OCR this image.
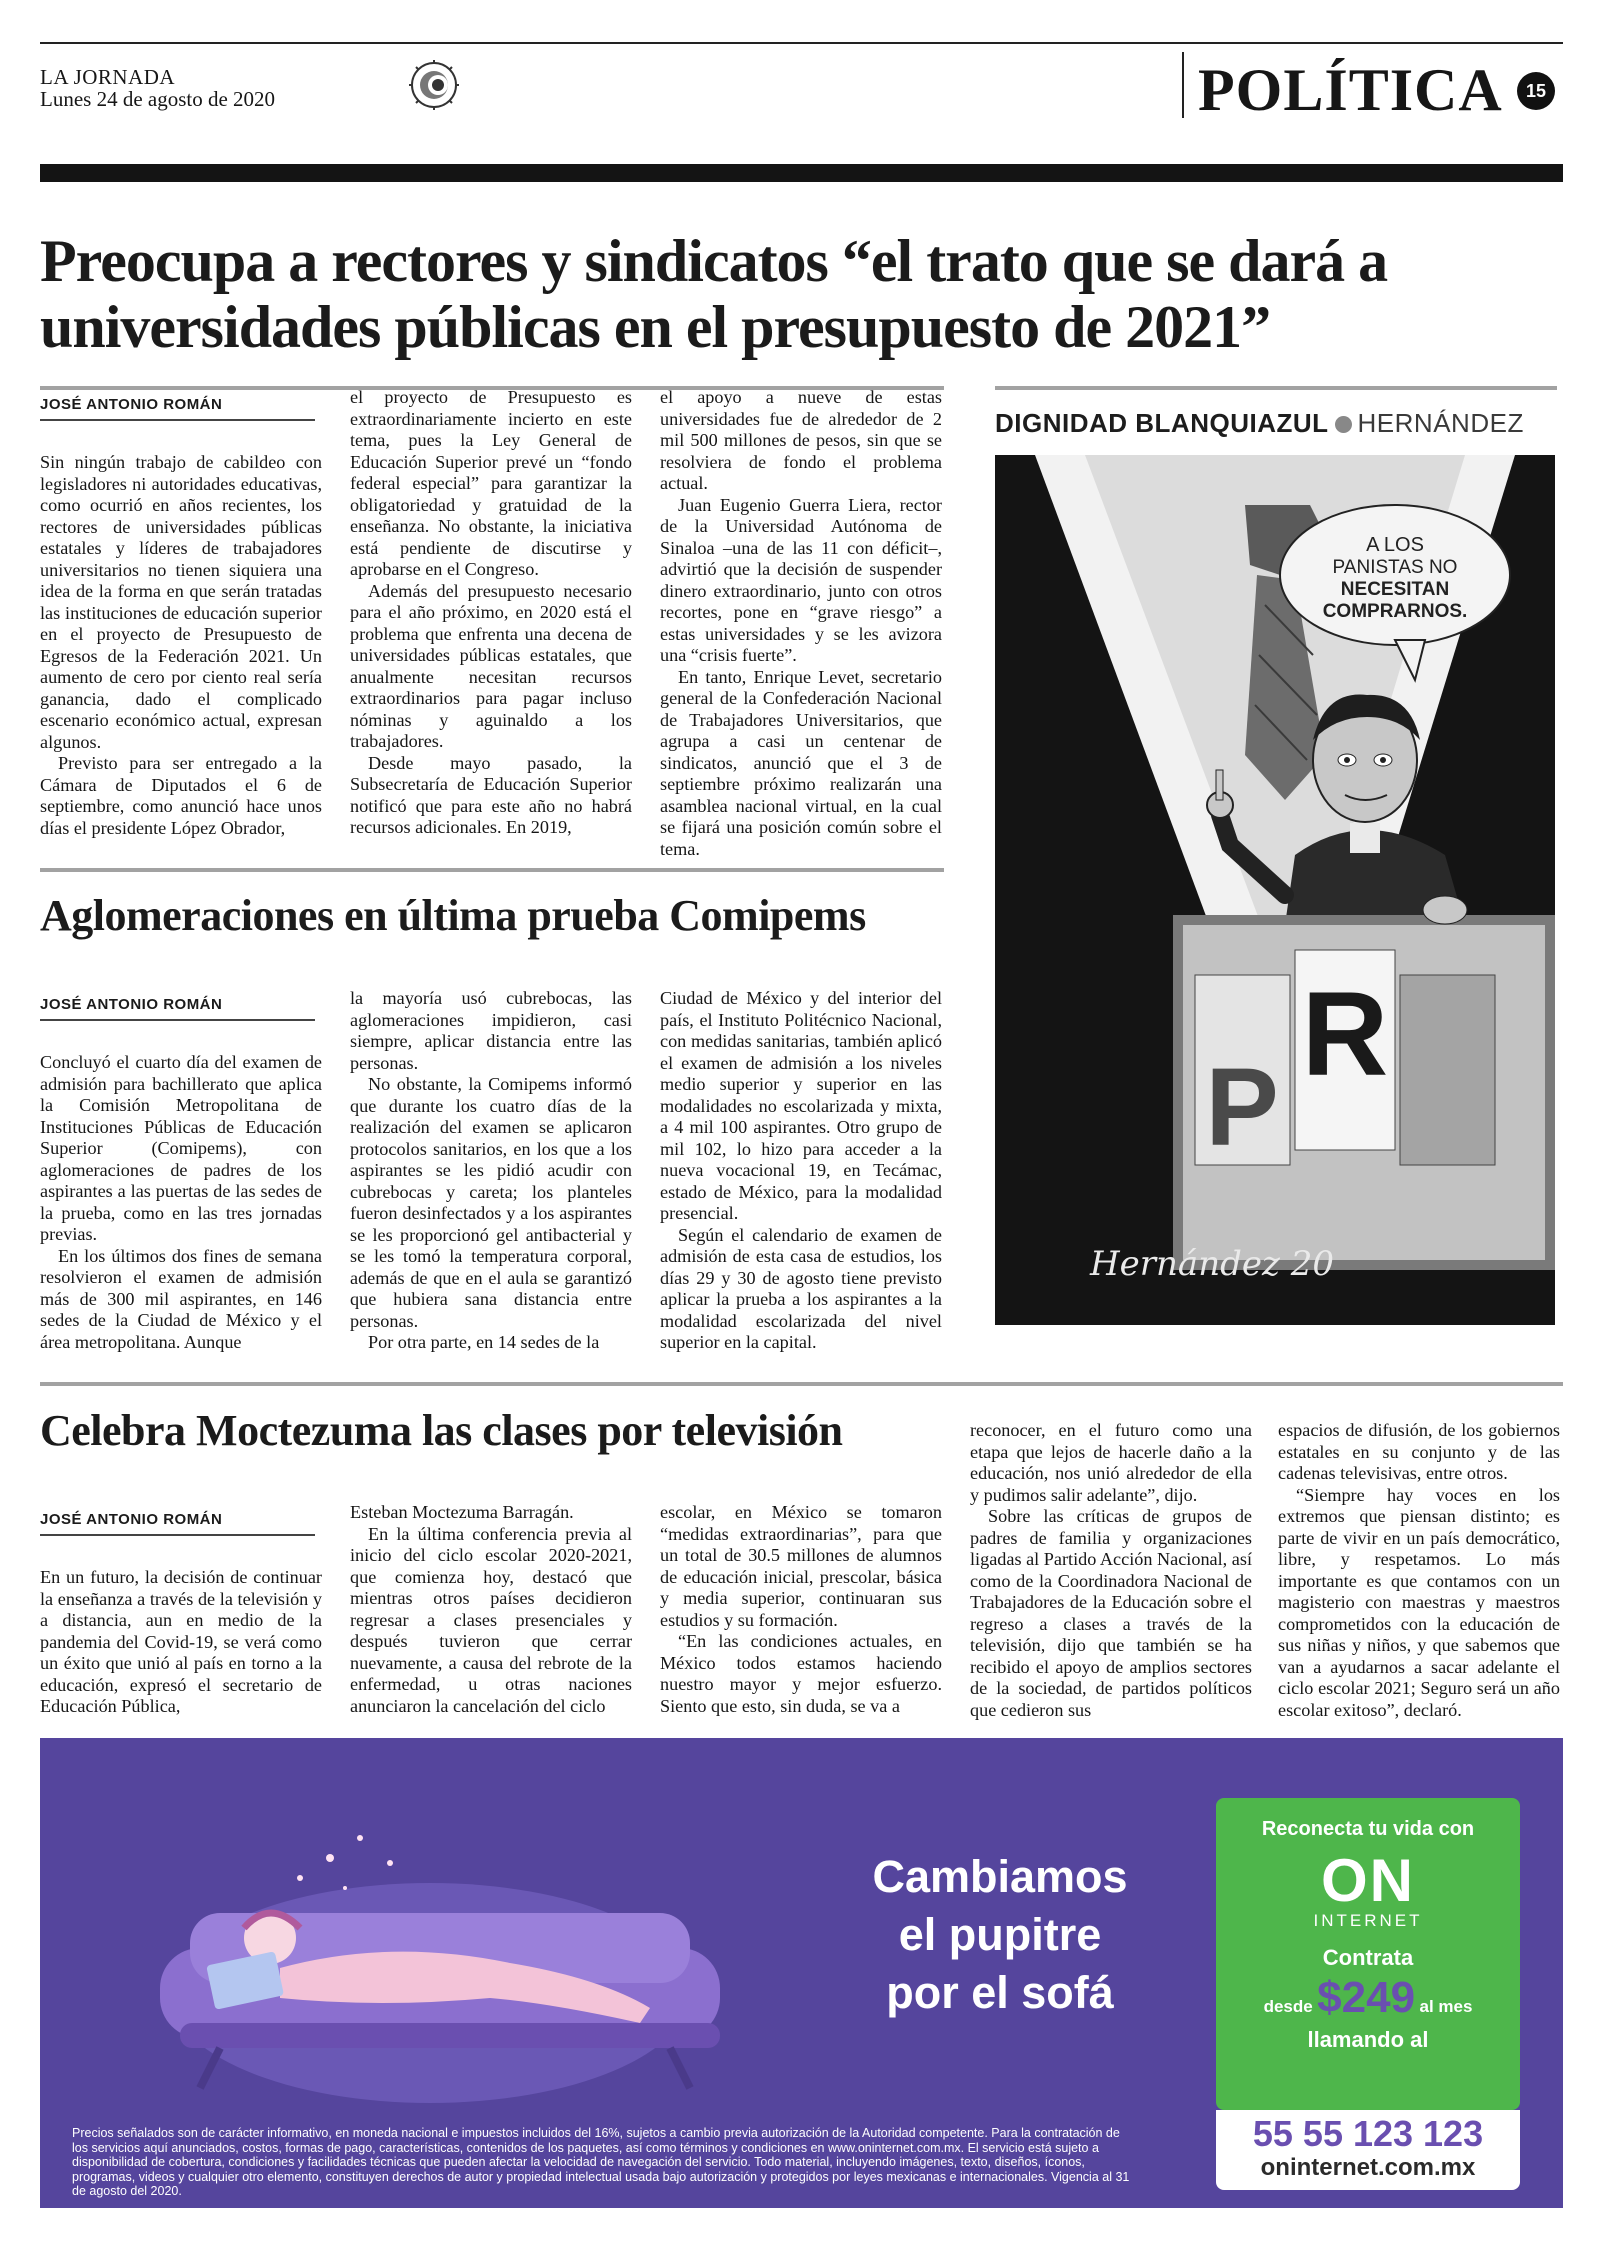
LA JORNADA
Lunes 24 de agosto de 2020	POLÍTICA	15
Preocupa a rectores y sindicatos “el trato que se dará a universidades públicas en el presupuesto de 2021”
JOSÉ ANTONIO ROMÁN

Sin ningún trabajo de cabildeo con legisladores ni autoridades educativas, como ocurrió en años recientes, los rectores de universidades públicas estatales y líderes de trabajadores universitarios no tienen siquiera una idea de la forma en que serán tratadas las instituciones de educación superior en el proyecto de Presupuesto de Egresos de la Federación 2021. Un aumento de cero por ciento real sería ganancia, dado el complicado escenario económico actual, expresan algunos.

Previsto para ser entregado a la Cámara de Diputados el 6 de septiembre, como anunció hace unos días el presidente López Obrador,

el proyecto de Presupuesto es extraordinariamente incierto en este tema, pues la Ley General de Educación Superior prevé un “fondo federal especial” para garantizar la obligatoriedad y gratuidad de la enseñanza. No obstante, la iniciativa está pendiente de discutirse y aprobarse en el Congreso.

Además del presupuesto necesario para el año próximo, en 2020 está el problema que enfrenta una decena de universidades públicas estatales, que anualmente necesitan recursos extraordinarios para pagar incluso nóminas y aguinaldo a los trabajadores.

Desde mayo pasado, la Subsecretaría de Educación Superior notificó que para este año no habrá recursos adicionales. En 2019,

el apoyo a nueve de estas universidades fue de alrededor de 2 mil 500 millones de pesos, sin que se resolviera de fondo el problema actual.

Juan Eugenio Guerra Liera, rector de la Universidad Autónoma de Sinaloa –una de las 11 con déficit–, advirtió que la decisión de suspender dinero extraordinario, junto con otros recortes, pone en “grave riesgo” a estas universidades y se les avizora una “crisis fuerte”.

En tanto, Enrique Levet, secretario general de la Confederación Nacional de Trabajadores Universitarios, que agrupa a casi un centenar de sindicatos, anunció que el 3 de septiembre próximo realizarán una asamblea nacional virtual, en la cual se fijará una posición común sobre el tema.

DIGNIDAD BLANQUIAZUL HERNÁNDEZ
A LOS
PANISTAS NO
NECESITAN
COMPRARNOS.
P
R
Hernández 20
Aglomeraciones en última prueba Comipems
JOSÉ ANTONIO ROMÁN

Concluyó el cuarto día del examen de admisión para bachillerato que aplica la Comisión Metropolitana de Instituciones Públicas de Educación Superior (Comipems), con aglomeraciones de padres de los aspirantes a las puertas de las sedes de la prueba, como en las tres jornadas previas.

En los últimos dos fines de semana resolvieron el examen de admisión más de 300 mil aspirantes, en 146 sedes de la Ciudad de México y el área metropolitana. Aunque

la mayoría usó cubrebocas, las aglomeraciones impidieron, casi siempre, aplicar distancia entre las personas.

No obstante, la Comipems informó que durante los cuatro días de la realización del examen se aplicaron protocolos sanitarios, en los que a los aspirantes se les pidió acudir con cubrebocas y careta; los planteles fueron desinfectados y a los aspirantes se les proporcionó gel antibacterial y se les tomó la temperatura corporal, además de que en el aula se garantizó que hubiera sana distancia entre personas.

Por otra parte, en 14 sedes de la

Ciudad de México y del interior del país, el Instituto Politécnico Nacional, con medidas sanitarias, también aplicó el examen de admisión a los niveles medio superior y superior en las modalidades no escolarizada y mixta, a 4 mil 100 aspirantes. Otro grupo de mil 102, lo hizo para acceder a la nueva vocacional 19, en Tecámac, estado de México, para la modalidad presencial.

Según el calendario de examen de admisión de esta casa de estudios, los días 29 y 30 de agosto tiene previsto aplicar la prueba a los aspirantes a la modalidad escolarizada del nivel superior en la capital.

Celebra Moctezuma las clases por televisión
JOSÉ ANTONIO ROMÁN

En un futuro, la decisión de continuar la enseñanza a través de la televisión y a distancia, aun en medio de la pandemia del Covid-19, se verá como un éxito que unió al país en torno a la educación, expresó el secretario de Educación Pública,

Esteban Moctezuma Barragán.

En la última conferencia previa al inicio del ciclo escolar 2020-2021, que comienza hoy, destacó que mientras otros países decidieron regresar a clases presenciales y después tuvieron que cerrar nuevamente, a causa del rebrote de la enfermedad, u otras naciones anunciaron la cancelación del ciclo

escolar, en México se tomaron “medidas extraordinarias”, para que un total de 30.5 millones de alumnos de educación inicial, prescolar, básica y media superior, continuaran sus estudios y su formación.

“En las condiciones actuales, en México todos estamos haciendo nuestro mayor y mejor esfuerzo. Siento que esto, sin duda, se va a

reconocer, en el futuro como una etapa que lejos de hacerle daño a la educación, nos unió alrededor de ella y pudimos salir adelante”, dijo.

Sobre las críticas de grupos de padres de familia y organizaciones ligadas al Partido Acción Nacional, así como de la Coordinadora Nacional de Trabajadores de la Educación sobre el regreso a clases a través de la televisión, dijo que también se ha recibido el apoyo de amplios sectores de la sociedad, de partidos políticos que cedieron sus

espacios de difusión, de los gobiernos estatales en su conjunto y de las cadenas televisivas, entre otros.

“Siempre hay voces en los extremos que piensan distinto; es parte de vivir en un país democrático, libre, y respetamos. Lo más importante es que contamos con un magisterio con maestras y maestros comprometidos con la educación de sus niñas y niños, y que sabemos que van a ayudarnos a sacar adelante el ciclo escolar 2021; Seguro será un año escolar exitoso”, declaró.

Cambiamos
el pupitre
por el sofá
Reconecta tu vida con
ON
INTERNET
Contrata
desde $249 al mes
llamando al
55 55 123 123
oninternet.com.mx
Precios señalados son de carácter informativo, en moneda nacional e impuestos incluidos del 16%, sujetos a cambio previa autorización de la Autoridad competente. Para la contratación de los servicios aquí anunciados, costos, formas de pago, características, contenidos de los paquetes, así como términos y condiciones en www.oninternet.com.mx. El servicio está sujeto a disponibilidad de cobertura, condiciones y facilidades técnicas que pueden afectar la velocidad de navegación del servicio. Todo material, incluyendo imágenes, texto, diseños, íconos, programas, videos y cualquier otro elemento, constituyen derechos de autor y propiedad intelectual usada bajo autorización y protegidos por leyes mexicanas e internacionales. Vigencia al 31 de agosto del 2020.
